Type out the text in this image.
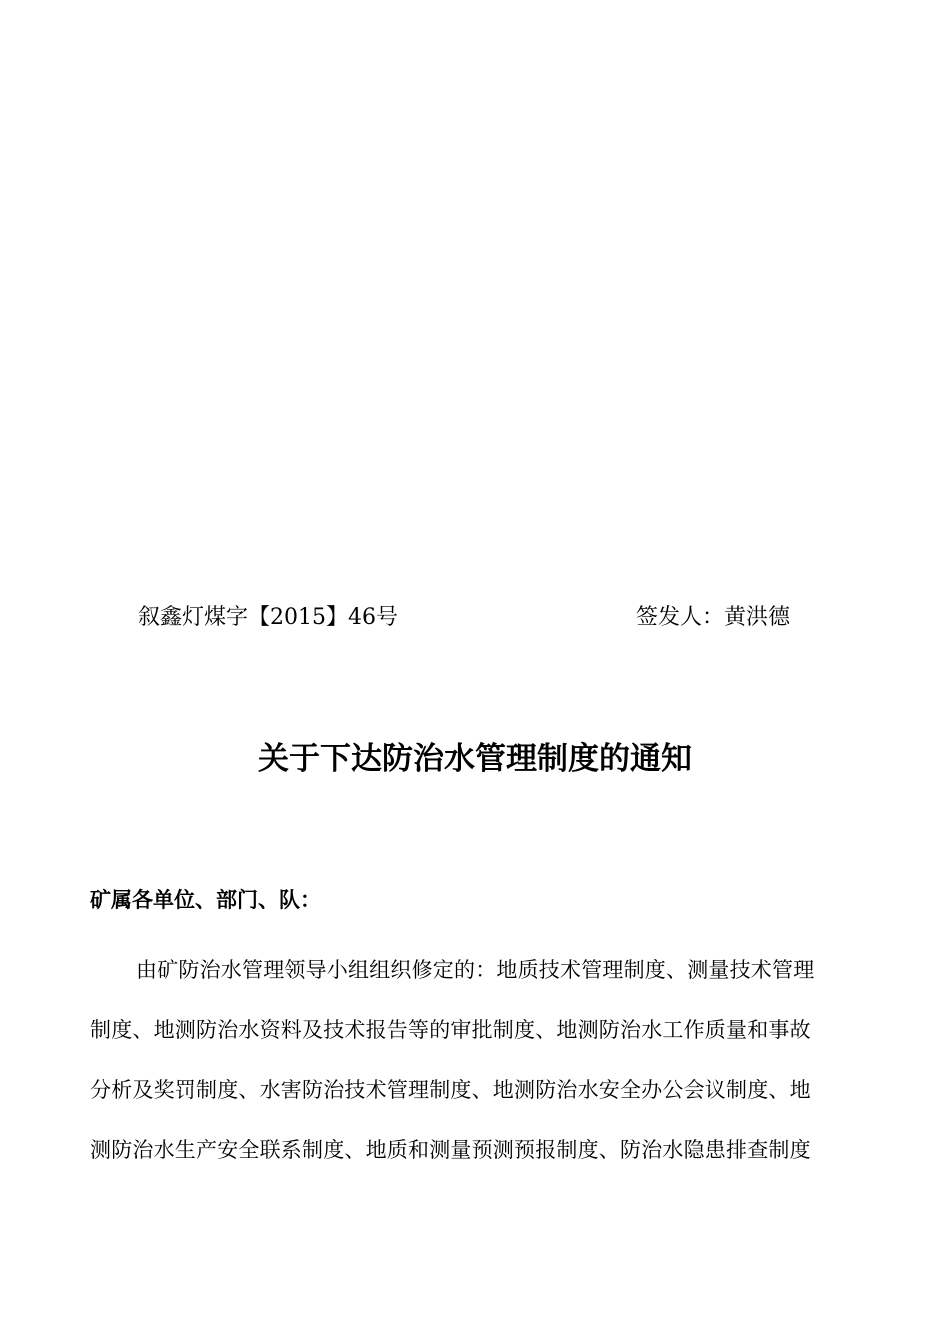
叙鑫灯煤字【2015】46号	签发人：黄洪德
关于下达防治水管理制度的通知
矿属各单位、部门、队：
由矿防治水管理领导小组组织修定的：地质技术管理制度、测量技术管理
制度、地测防治水资料及技术报告等的审批制度、地测防治水工作质量和事故
分析及奖罚制度、水害防治技术管理制度、地测防治水安全办公会议制度、地
测防治水生产安全联系制度、地质和测量预测预报制度、防治水隐患排查制度
